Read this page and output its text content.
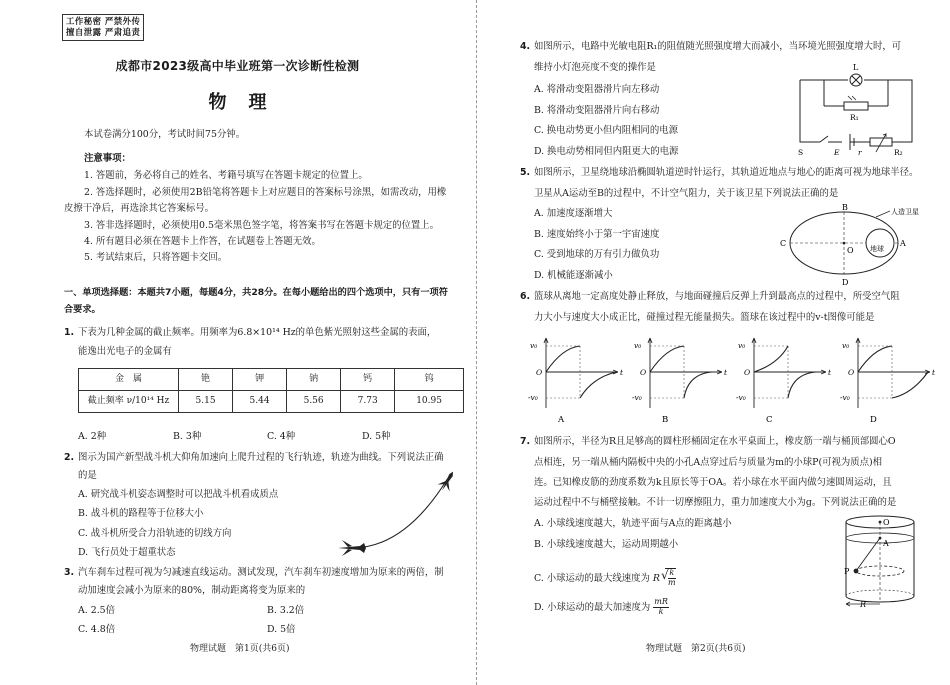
工作秘密 严禁外传
擅自泄露 严肃追责
成都市2023级高中毕业班第一次诊断性检测
物理
本试卷满分100分，考试时间75分钟。
注意事项：
1. 答题前，务必将自己的姓名、考籍号填写在答题卡规定的位置上。
2. 答选择题时，必须使用2B铅笔将答题卡上对应题目的答案标号涂黑，如需改动，用橡
皮擦干净后，再选涂其它答案标号。
3. 答非选择题时，必须使用0.5毫米黑色签字笔，将答案书写在答题卡规定的位置上。
4. 所有题目必须在答题卡上作答，在试题卷上答题无效。
5. 考试结束后，只将答题卡交回。
一、单项选择题：本题共7小题，每题4分，共28分。在每小题给出的四个选项中，只有一项符
合要求。
1. 下表为几种金属的截止频率。用频率为6.8×10¹⁴ Hz的单色紫光照射这些金属的表面，
能逸出光电子的金属有
金　属	铯	钾	钠	钙	钨
截止频率 ν/10¹⁴ Hz	5.15	5.44	5.56	7.73	10.95
A. 2种	B. 3种	C. 4种	D. 5种
2. 图示为国产新型战斗机大仰角加速向上爬升过程的飞行轨迹，轨迹为曲线。下列说法正确
的是
A. 研究战斗机姿态调整时可以把战斗机看成质点
B. 战斗机的路程等于位移大小
C. 战斗机所受合力沿轨迹的切线方向
D. 飞行员处于超重状态
3. 汽车刹车过程可视为匀减速直线运动。测试发现，汽车刹车初速度增加为原来的两倍，制
动加速度会减小为原来的80%，制动距离将变为原来的
A. 2.5倍	B. 3.2倍
C. 4.8倍	D. 5倍
物理试题　第1页(共6页)
4. 如图所示，电路中光敏电阻R₁的阻值随光照强度增大而减小，当环境光照强度增大时，可
维持小灯泡亮度不变的操作是
A. 将滑动变阻器滑片向左移动
B. 将滑动变阻器滑片向右移动
C. 换电动势更小但内阻相同的电源
D. 换电动势相同但内阻更大的电源
L
R₁
S	E r	R₂
5. 如图所示，卫星绕地球沿椭圆轨道逆时针运行，其轨道近地点与地心的距离可视为地球半径。
卫星从A运动至B的过程中，不计空气阻力，关于该卫星下列说法正确的是
A. 加速度逐渐增大
B. 速度始终小于第一宇宙速度
C. 受到地球的万有引力做负功
D. 机械能逐渐减小
B
C
O
A
D
地球
人造卫星
6. 篮球从离地一定高度处静止释放，与地面碰撞后反弹上升到最高点的过程中，所受空气阻
力大小与速度大小成正比，碰撞过程无能量损失。篮球在该过程中的v-t图像可能是
v₀
O
-v₀
t
v₀
O
-v₀
t
v₀
O
-v₀
t
v₀
O
-v₀
t
A	B	C	D
7. 如图所示，半径为R且足够高的圆柱形桶固定在水平桌面上，橡皮筋一端与桶顶部圆心O
点相连，另一端从桶内隔板中央的小孔A点穿过后与质量为m的小球P(可视为质点)相
连。已知橡皮筋的劲度系数为k且原长等于OA。若小球在水平面内做匀速圆周运动，且
运动过程中不与桶壁接触。不计一切摩擦阻力，重力加速度大小为g。下列说法正确的是
A. 小球线速度越大，轨迹平面与A点的距离越小
B. 小球线速度越大，运动周期越小
C. 小球运动的最大线速度为 R √ $\frac{k}{m}$
D. 小球运动的最大加速度为 $\frac{mR}{k}$
O
A
P
R
物理试题　第2页(共6页)
